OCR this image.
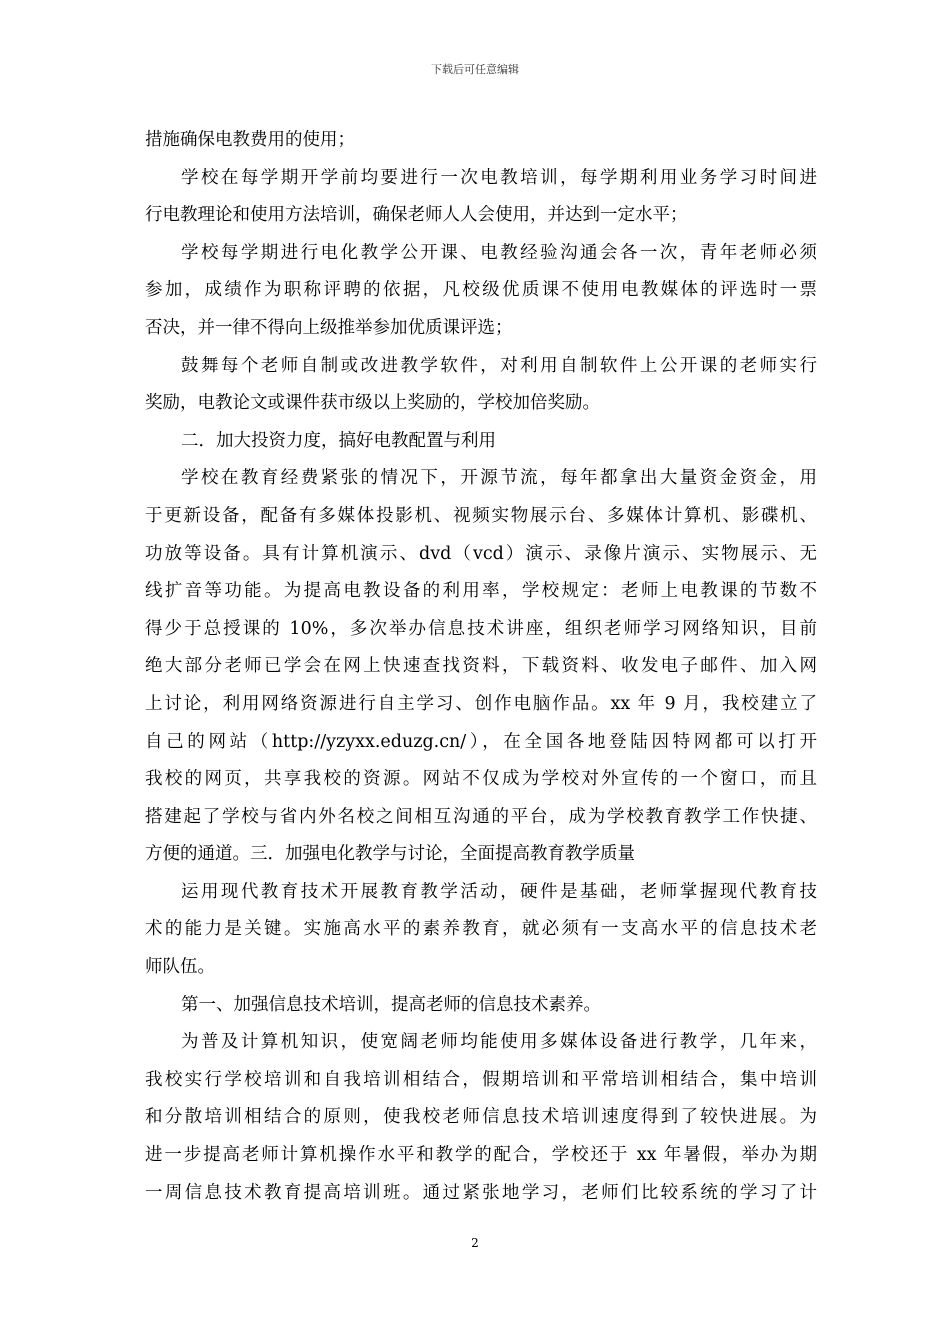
下载后可任意编辑
措施确保电教费用的使用；
学校在每学期开学前均要进行一次电教培训，每学期利用业务学习时间进
行电教理论和使用方法培训，确保老师人人会使用，并达到一定水平；
学校每学期进行电化教学公开课、电教经验沟通会各一次，青年老师必须
参加，成绩作为职称评聘的依据，凡校级优质课不使用电教媒体的评选时一票
否决，并一律不得向上级推举参加优质课评选；
鼓舞每个老师自制或改进教学软件，对利用自制软件上公开课的老师实行
奖励，电教论文或课件获市级以上奖励的，学校加倍奖励。
二．加大投资力度，搞好电教配置与利用
学校在教育经费紧张的情况下，开源节流，每年都拿出大量资金资金，用
于更新设备，配备有多媒体投影机、视频实物展示台、多媒体计算机、影碟机、
功放等设备。具有计算机演示、dvd（vcd）演示、录像片演示、实物展示、无
线扩音等功能。为提高电教设备的利用率，学校规定：老师上电教课的节数不
得少于总授课的 10%，多次举办信息技术讲座，组织老师学习网络知识，目前
绝大部分老师已学会在网上快速查找资料，下载资料、收发电子邮件、加入网
上讨论，利用网络资源进行自主学习、创作电脑作品。xx 年 9 月，我校建立了
自己的网站（http://yzyxx.eduzg.cn/），在全国各地登陆因特网都可以打开
我校的网页，共享我校的资源。网站不仅成为学校对外宣传的一个窗口，而且
搭建起了学校与省内外名校之间相互沟通的平台，成为学校教育教学工作快捷、
方便的通道。三．加强电化教学与讨论，全面提高教育教学质量
运用现代教育技术开展教育教学活动，硬件是基础，老师掌握现代教育技
术的能力是关键。实施高水平的素养教育，就必须有一支高水平的信息技术老
师队伍。
第一、加强信息技术培训，提高老师的信息技术素养。
为普及计算机知识，使宽阔老师均能使用多媒体设备进行教学，几年来，
我校实行学校培训和自我培训相结合，假期培训和平常培训相结合，集中培训
和分散培训相结合的原则，使我校老师信息技术培训速度得到了较快进展。为
进一步提高老师计算机操作水平和教学的配合，学校还于 xx 年暑假，举办为期
一周信息技术教育提高培训班。通过紧张地学习，老师们比较系统的学习了计
2
